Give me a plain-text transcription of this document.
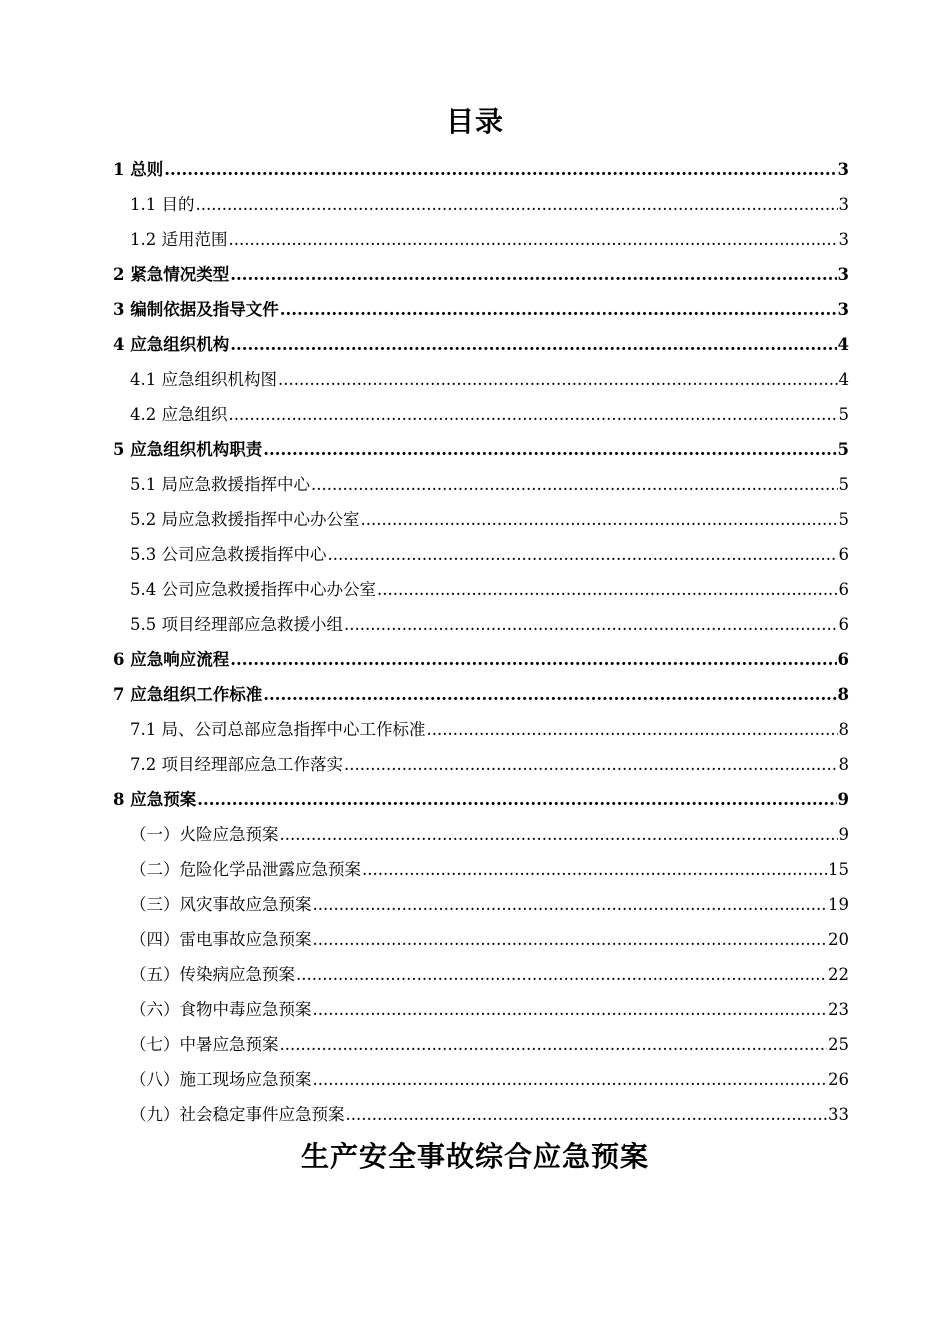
目录
1 总则 .....	3
1.1 目的 .....	3
1.2 适用范围 .....	3
2 紧急情况类型 .....	3
3 编制依据及指导文件 .....	3
4 应急组织机构 .....	4
4.1 应急组织机构图 .....	4
4.2 应急组织 .....	5
5 应急组织机构职责 .....	5
5.1 局应急救援指挥中心 .....	5
5.2 局应急救援指挥中心办公室 .....	5
5.3 公司应急救援指挥中心 .....	6
5.4 公司应急救援指挥中心办公室 .....	6
5.5 项目经理部应急救援小组 .....	6
6 应急响应流程 .....	6
7 应急组织工作标准 .....	8
7.1 局、公司总部应急指挥中心工作标准 .....	8
7.2 项目经理部应急工作落实 .....	8
8 应急预案 .....	9
（一）火险应急预案 .....	9
（二）危险化学品泄露应急预案 .....	15
（三）风灾事故应急预案 .....	19
（四）雷电事故应急预案 .....	20
（五）传染病应急预案 .....	22
（六）食物中毒应急预案 .....	23
（七）中暑应急预案 .....	25
（八）施工现场应急预案 .....	26
（九）社会稳定事件应急预案 .....	33
生产安全事故综合应急预案
